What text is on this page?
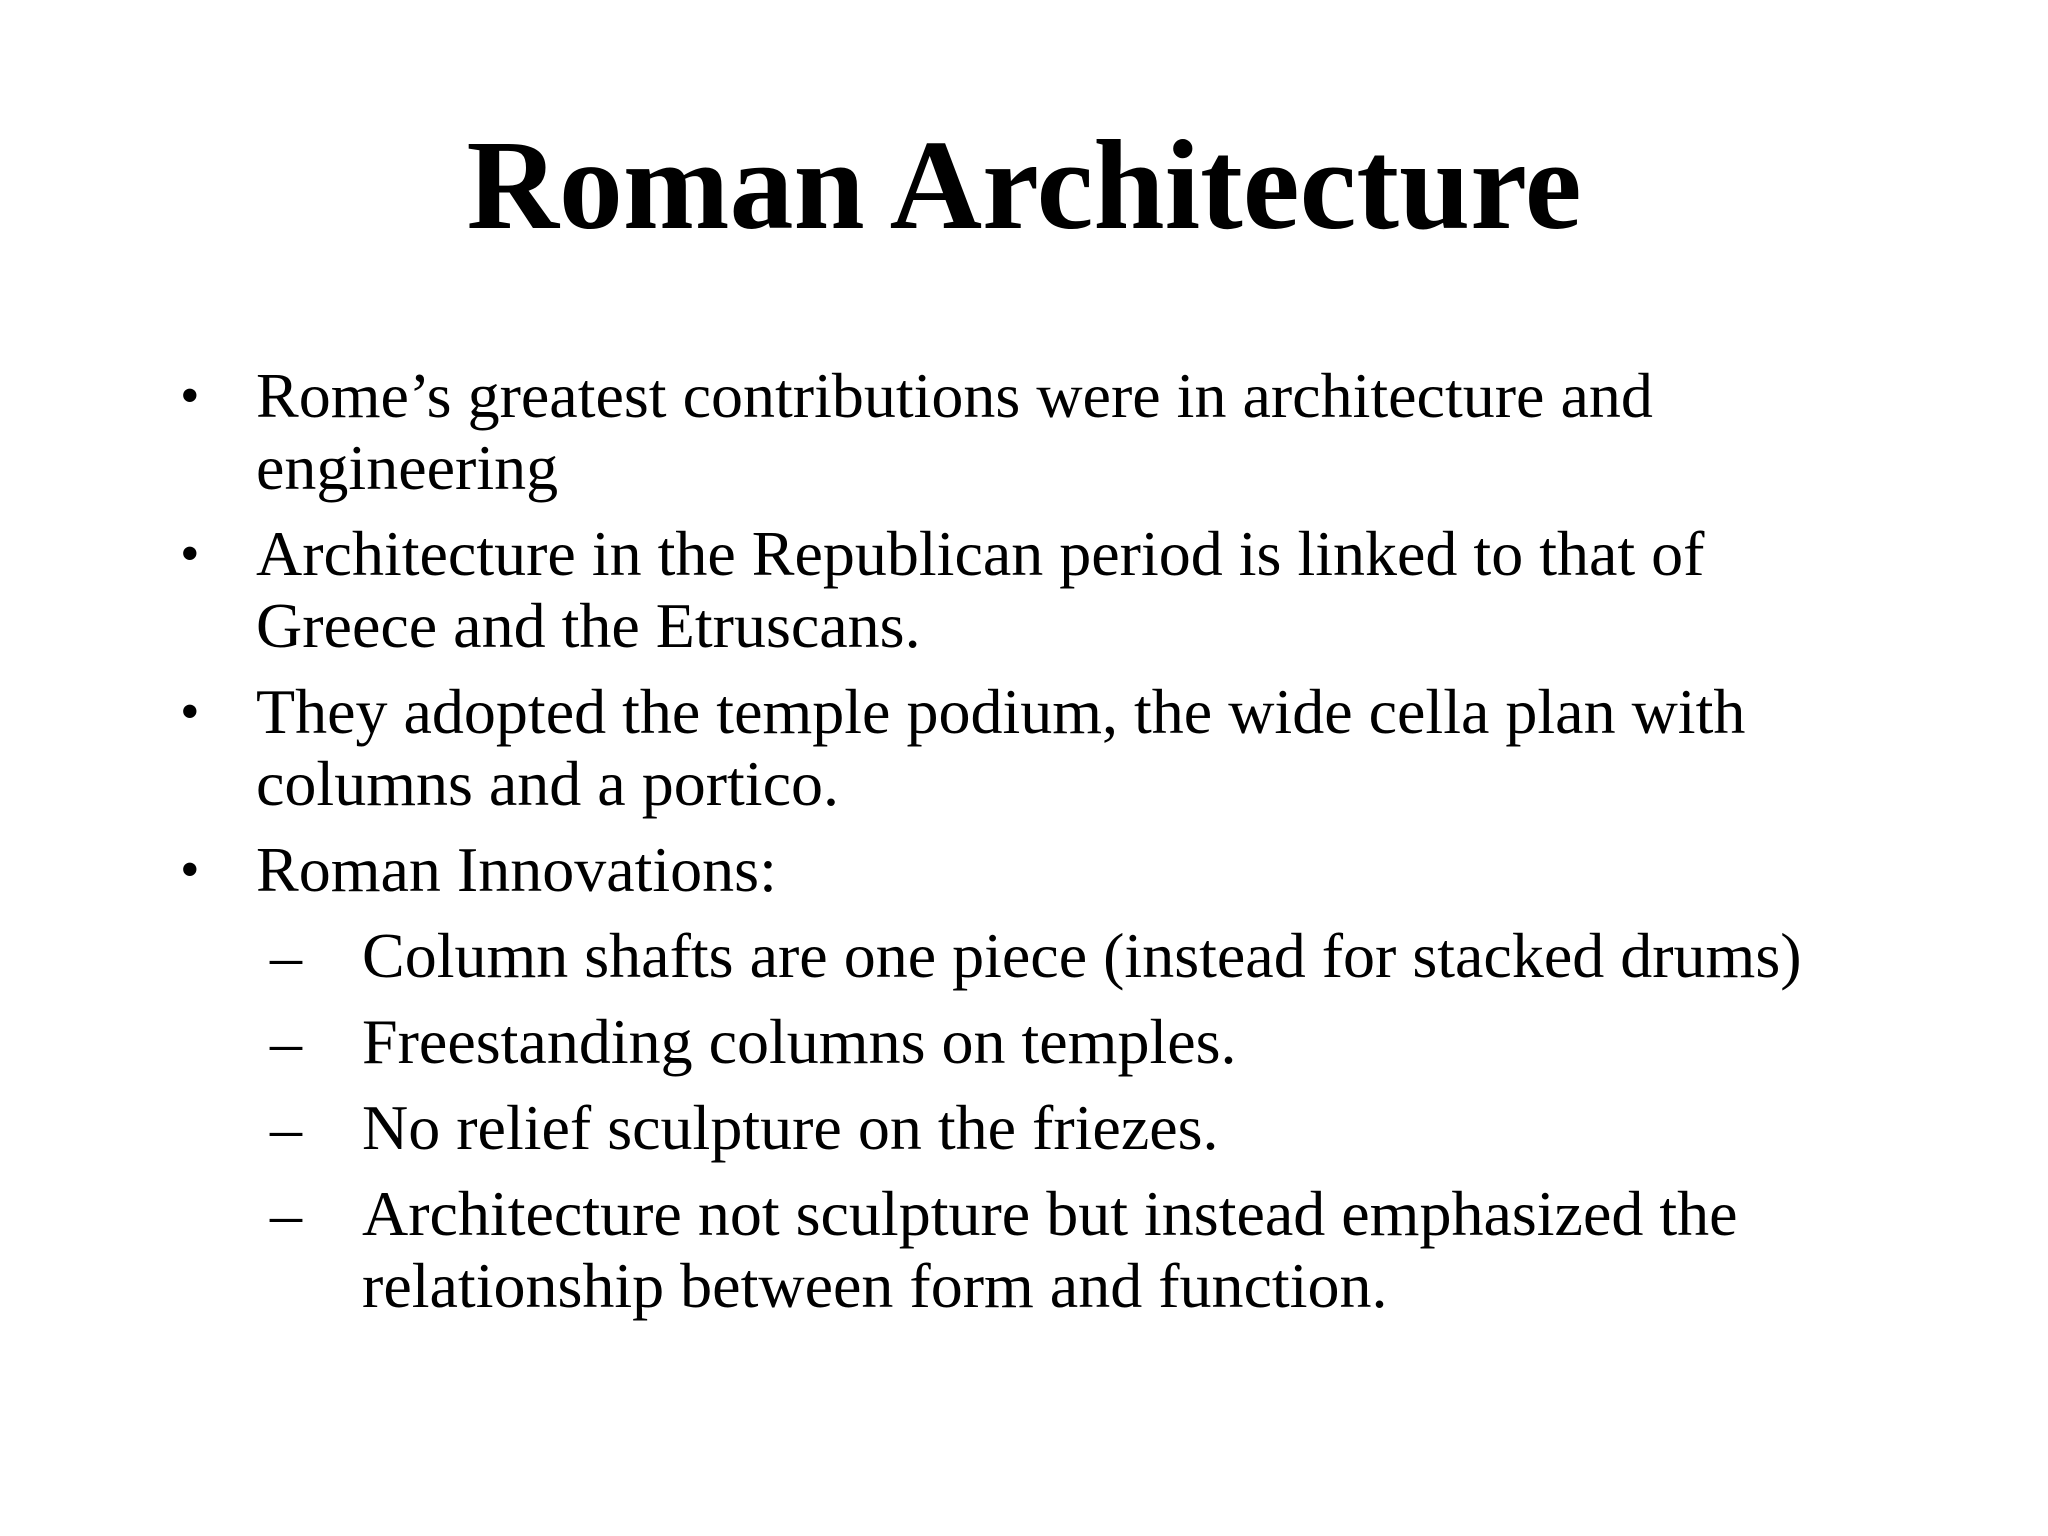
Roman Architecture
• Rome’s greatest contributions were in architecture and engineering
• Architecture in the Republican period is linked to that of Greece and the Etruscans.
• They adopted the temple podium, the wide cella plan with columns and a portico.
• Roman Innovations:
– Column shafts are one piece (instead for stacked drums)
– Freestanding columns on temples.
– No relief sculpture on the friezes.
– Architecture not sculpture but instead emphasized the relationship between form and function.
